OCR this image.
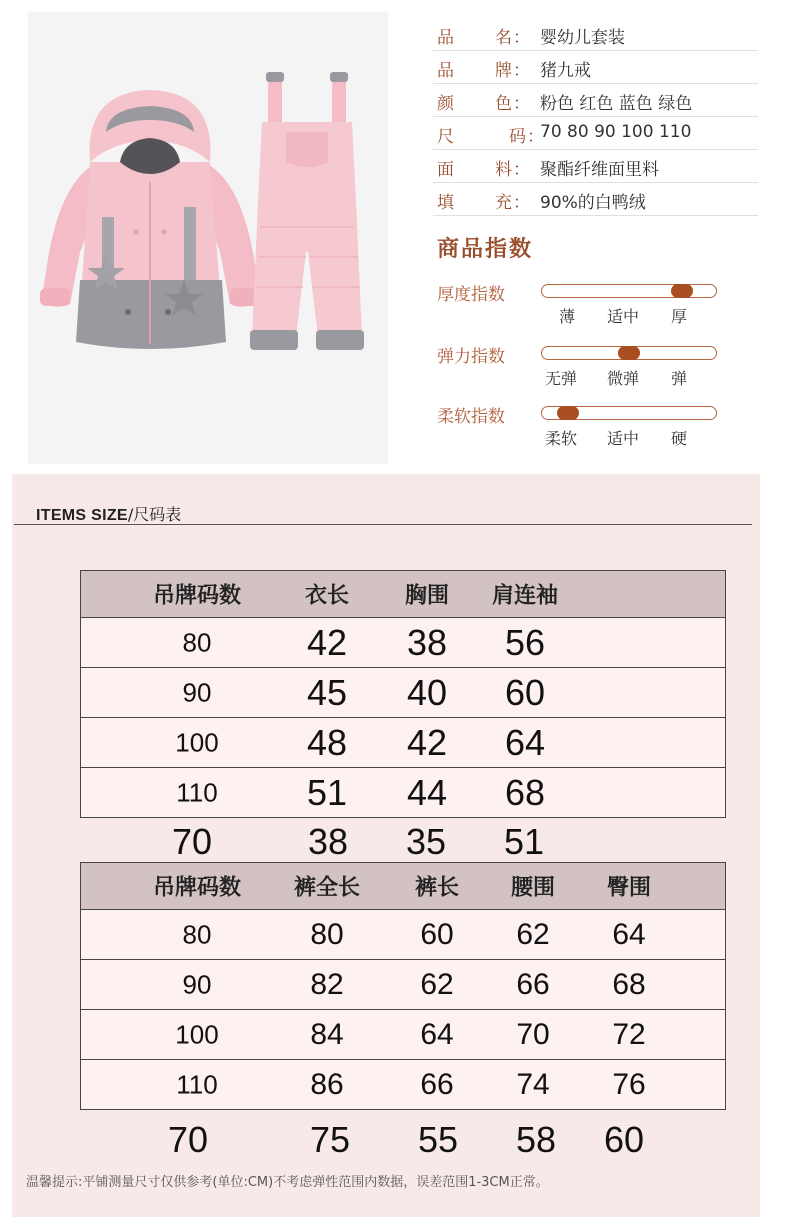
品 名 ： 婴幼儿套装
品 牌 ： 猪九戒
颜 色 ： 粉色 红色 蓝色 绿色
尺	码 ：
70 80 90 100 110
面 料 ： 聚酯纤维面里料
填 充 ： 90%的白鸭绒
商品指数
厚度指数
薄 适中 厚
弹力指数
无弹 微弹 弹
柔软指数
柔软 适中 硬
ITEMS SIZE/尺码表
吊牌码数	衣长	胸围 肩连袖
80	42 38 56
90	45 40 60
100 48 42 64
110 51 44 68
70	38 35 51
吊牌码数 裤全长 裤长 腰围 臀围
80	80	60 62 64
90	82	62 66 68
100	84	64 70 72
110	86	66 74 76
70	75 55 58 60
温馨提示:平铺测量尺寸仅供参考(单位:CM)不考虑弹性范围内数据，误差范围1-3CM正常。
